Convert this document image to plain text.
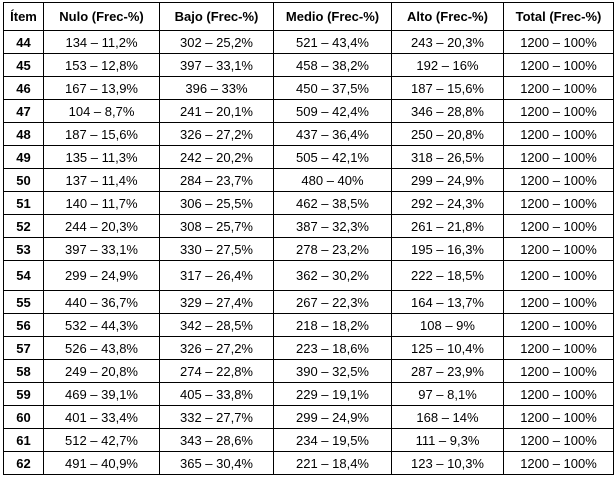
Ítem	Nulo (Frec-%)	Bajo (Frec-%)	Medio (Frec-%)	Alto (Frec-%)	Total (Frec-%)
44	134 – 11,2%	302 – 25,2%	521 – 43,4%	243 – 20,3%	1200 – 100%
45	153 – 12,8%	397 – 33,1%	458 – 38,2%	192 – 16%	1200 – 100%
46	167 – 13,9%	396 – 33%	450 – 37,5%	187 – 15,6%	1200 – 100%
47	104 – 8,7%	241 – 20,1%	509 – 42,4%	346 – 28,8%	1200 – 100%
48	187 – 15,6%	326 – 27,2%	437 – 36,4%	250 – 20,8%	1200 – 100%
49	135 – 11,3%	242 – 20,2%	505 – 42,1%	318 – 26,5%	1200 – 100%
50	137 – 11,4%	284 – 23,7%	480 – 40%	299 – 24,9%	1200 – 100%
51	140 – 11,7%	306 – 25,5%	462 – 38,5%	292 – 24,3%	1200 – 100%
52	244 – 20,3%	308 – 25,7%	387 – 32,3%	261 – 21,8%	1200 – 100%
53	397 – 33,1%	330 – 27,5%	278 – 23,2%	195 – 16,3%	1200 – 100%
54	299 – 24,9%	317 – 26,4%	362 – 30,2%	222 – 18,5%	1200 – 100%
55	440 – 36,7%	329 – 27,4%	267 – 22,3%	164 – 13,7%	1200 – 100%
56	532 – 44,3%	342 – 28,5%	218 – 18,2%	108 – 9%	1200 – 100%
57	526 – 43,8%	326 – 27,2%	223 – 18,6%	125 – 10,4%	1200 – 100%
58	249 – 20,8%	274 – 22,8%	390 – 32,5%	287 – 23,9%	1200 – 100%
59	469 – 39,1%	405 – 33,8%	229 – 19,1%	97 – 8,1%	1200 – 100%
60	401 – 33,4%	332 – 27,7%	299 – 24,9%	168 – 14%	1200 – 100%
61	512 – 42,7%	343 – 28,6%	234 – 19,5%	111 – 9,3%	1200 – 100%
62	491 – 40,9%	365 – 30,4%	221 – 18,4%	123 – 10,3%	1200 – 100%
